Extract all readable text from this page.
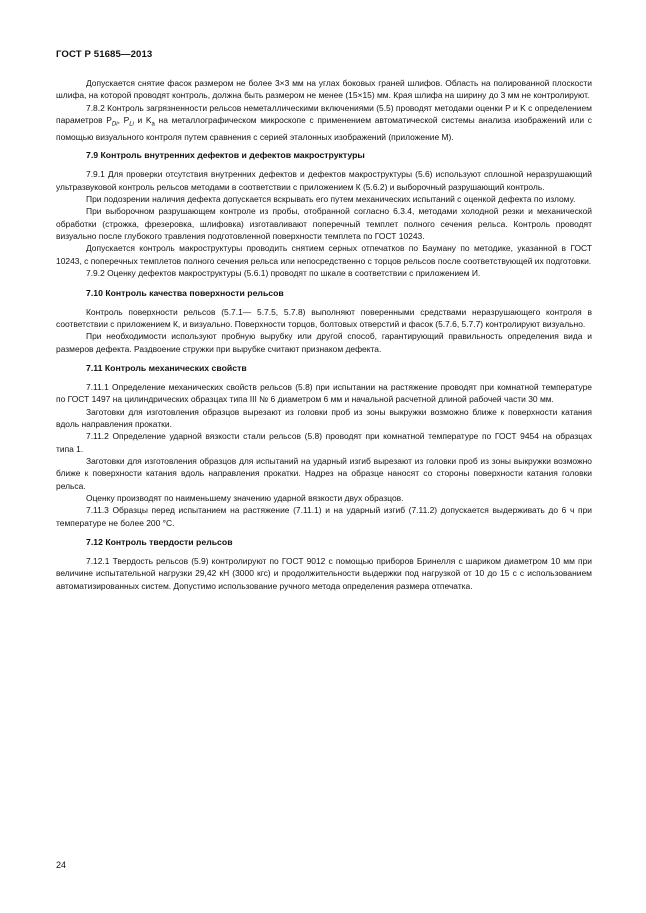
ГОСТ Р 51685—2013

Допускается снятие фасок размером не более 3×3 мм на углах боковых граней шлифов. Область на полированной плоскости шлифа, на которой проводят контроль, должна быть размером не менее (15×15) мм. Края шлифа на ширину до 3 мм не контролируют.

7.8.2 Контроль загрязненности рельсов неметаллическими включениями (5.5) проводят методами оценки P и K с определением параметров $P_{Di}$, $P_{Li}$ и $K_a$ на металлографическом микроскопе с применением автоматической системы анализа изображений или с помощью визуального контроля путем сравнения с серией эталонных изображений (приложение М).

7.9 Контроль внутренних дефектов и дефектов макроструктуры

7.9.1 Для проверки отсутствия внутренних дефектов и дефектов макроструктуры (5.6) используют сплошной неразрушающий ультразвуковой контроль рельсов методами в соответствии с приложением К (5.6.2) и выборочный разрушающий контроль.

При подозрении наличия дефекта допускается вскрывать его путем механических испытаний с оценкой дефекта по излому.

При выборочном разрушающем контроле из пробы, отобранной согласно 6.3.4, методами холодной резки и механической обработки (строжка, фрезеровка, шлифовка) изготавливают поперечный темплет полного сечения рельса. Контроль проводят визуально после глубокого травления подготовленной поверхности темплета по ГОСТ 10243.

Допускается контроль макроструктуры проводить снятием серных отпечатков по Бауману по методике, указанной в ГОСТ 10243, с поперечных темплетов полного сечения рельса или непосредственно с торцов рельсов после соответствующей их подготовки.

7.9.2 Оценку дефектов макроструктуры (5.6.1) проводят по шкале в соответствии с приложением И.

7.10 Контроль качества поверхности рельсов

Контроль поверхности рельсов (5.7.1— 5.7.5, 5.7.8) выполняют поверенными средствами неразрушающего контроля в соответствии с приложением К, и визуально. Поверхности торцов, болтовых отверстий и фасок (5.7.6, 5.7.7) контролируют визуально.

При необходимости используют пробную вырубку или другой способ, гарантирующий правильность определения вида и размеров дефекта. Раздвоение стружки при вырубке считают признаком дефекта.

7.11 Контроль механических свойств

7.11.1 Определение механических свойств рельсов (5.8) при испытании на растяжение проводят при комнатной температуре по ГОСТ 1497 на цилиндрических образцах типа III № 6 диаметром 6 мм и начальной расчетной длиной рабочей части 30 мм.

Заготовки для изготовления образцов вырезают из головки проб из зоны выкружки возможно ближе к поверхности катания вдоль направления прокатки.

7.11.2 Определение ударной вязкости стали рельсов (5.8) проводят при комнатной температуре по ГОСТ 9454 на образцах типа 1.

Заготовки для изготовления образцов для испытаний на ударный изгиб вырезают из головки проб из зоны выкружки возможно ближе к поверхности катания вдоль направления прокатки. Надрез на образце наносят со стороны поверхности катания головки рельса.

Оценку производят по наименьшему значению ударной вязкости двух образцов.

7.11.3 Образцы перед испытанием на растяжение (7.11.1) и на ударный изгиб (7.11.2) допускается выдерживать до 6 ч при температуре не более 200 °С.

7.12 Контроль твердости рельсов

7.12.1 Твердость рельсов (5.9) контролируют по ГОСТ 9012 с помощью приборов Бринелля с шариком диаметром 10 мм при величине испытательной нагрузки 29,42 кН (3000 кгс) и продолжительности выдержки под нагрузкой от 10 до 15 с с использованием автоматизированных систем. Допустимо использование ручного метода определения размера отпечатка.

24
